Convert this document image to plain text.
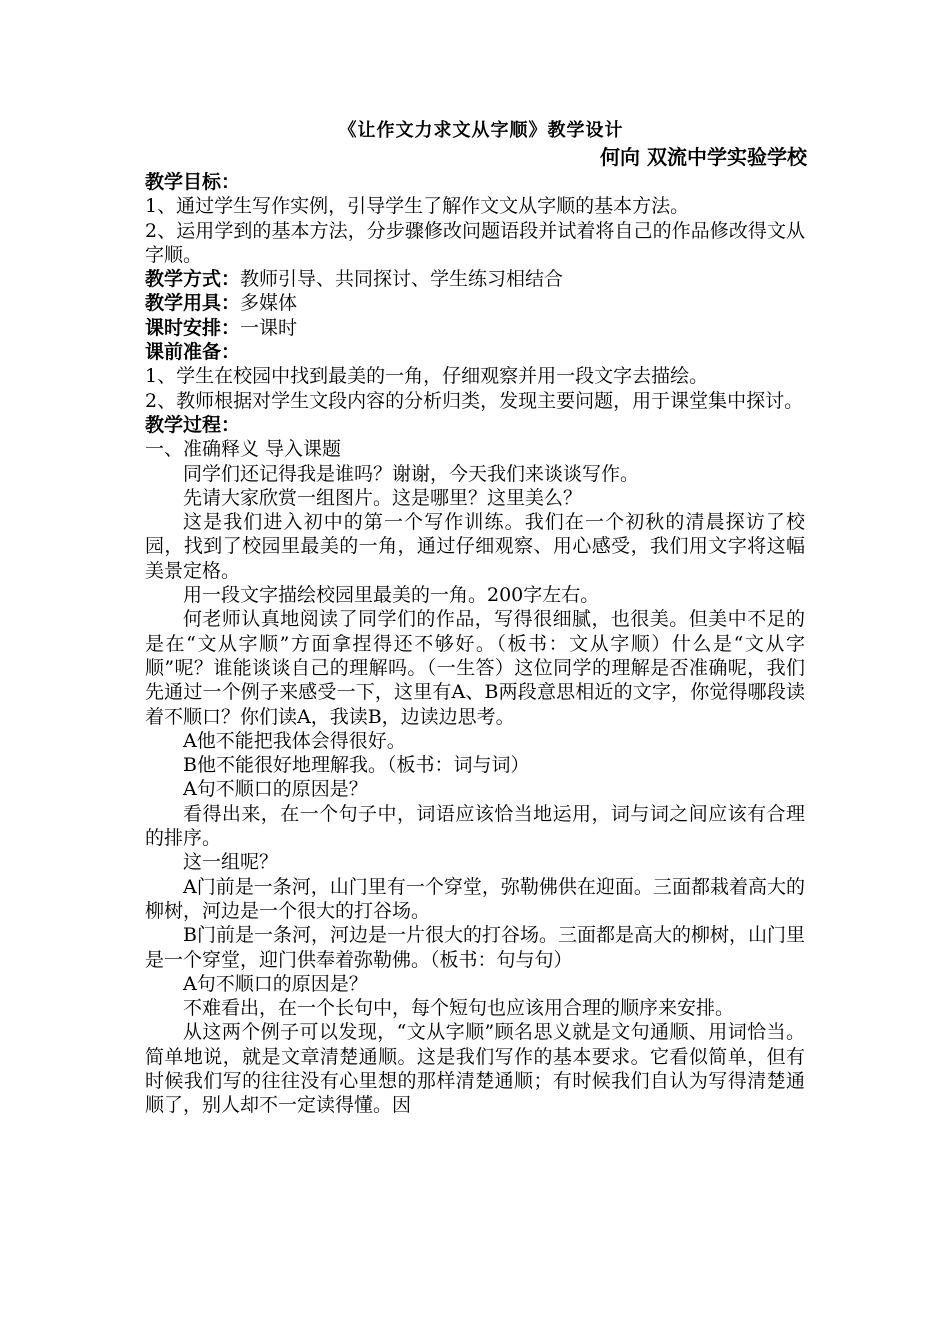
《让作文力求文从字顺》教学设计
何向 双流中学实验学校

教学目标：

1、通过学生写作实例，引导学生了解作文文从字顺的基本方法。

2、运用学到的基本方法，分步骤修改问题语段并试着将自己的作品修改得文从字顺。

教学方式：教师引导、共同探讨、学生练习相结合

教学用具：多媒体

课时安排：一课时

课前准备：

1、学生在校园中找到最美的一角，仔细观察并用一段文字去描绘。

2、教师根据对学生文段内容的分析归类，发现主要问题，用于课堂集中探讨。

教学过程：

一、准确释义 导入课题

同学们还记得我是谁吗？谢谢，今天我们来谈谈写作。

先请大家欣赏一组图片。这是哪里？这里美么？

这是我们进入初中的第一个写作训练。我们在一个初秋的清晨探访了校园，找到了校园里最美的一角，通过仔细观察、用心感受，我们用文字将这幅美景定格。

用一段文字描绘校园里最美的一角。200字左右。

何老师认真地阅读了同学们的作品，写得很细腻，也很美。但美中不足的是在“文从字顺”方面拿捏得还不够好。（板书：文从字顺）什么是“文从字顺”呢？谁能谈谈自己的理解吗。（一生答）这位同学的理解是否准确呢，我们先通过一个例子来感受一下，这里有A、B两段意思相近的文字，你觉得哪段读着不顺口？你们读A，我读B，边读边思考。

A他不能把我体会得很好。

B他不能很好地理解我。（板书：词与词）

A句不顺口的原因是？

看得出来，在一个句子中，词语应该恰当地运用，词与词之间应该有合理的排序。

这一组呢？

A门前是一条河，山门里有一个穿堂，弥勒佛供在迎面。三面都栽着高大的柳树，河边是一个很大的打谷场。

B门前是一条河，河边是一片很大的打谷场。三面都是高大的柳树，山门里是一个穿堂，迎门供奉着弥勒佛。（板书：句与句）

A句不顺口的原因是？

不难看出，在一个长句中，每个短句也应该用合理的顺序来安排。

从这两个例子可以发现，“文从字顺”顾名思义就是文句通顺、用词恰当。简单地说，就是文章清楚通顺。这是我们写作的基本要求。它看似简单，但有时候我们写的往往没有心里想的那样清楚通顺；有时候我们自认为写得清楚通顺了，别人却不一定读得懂。因
